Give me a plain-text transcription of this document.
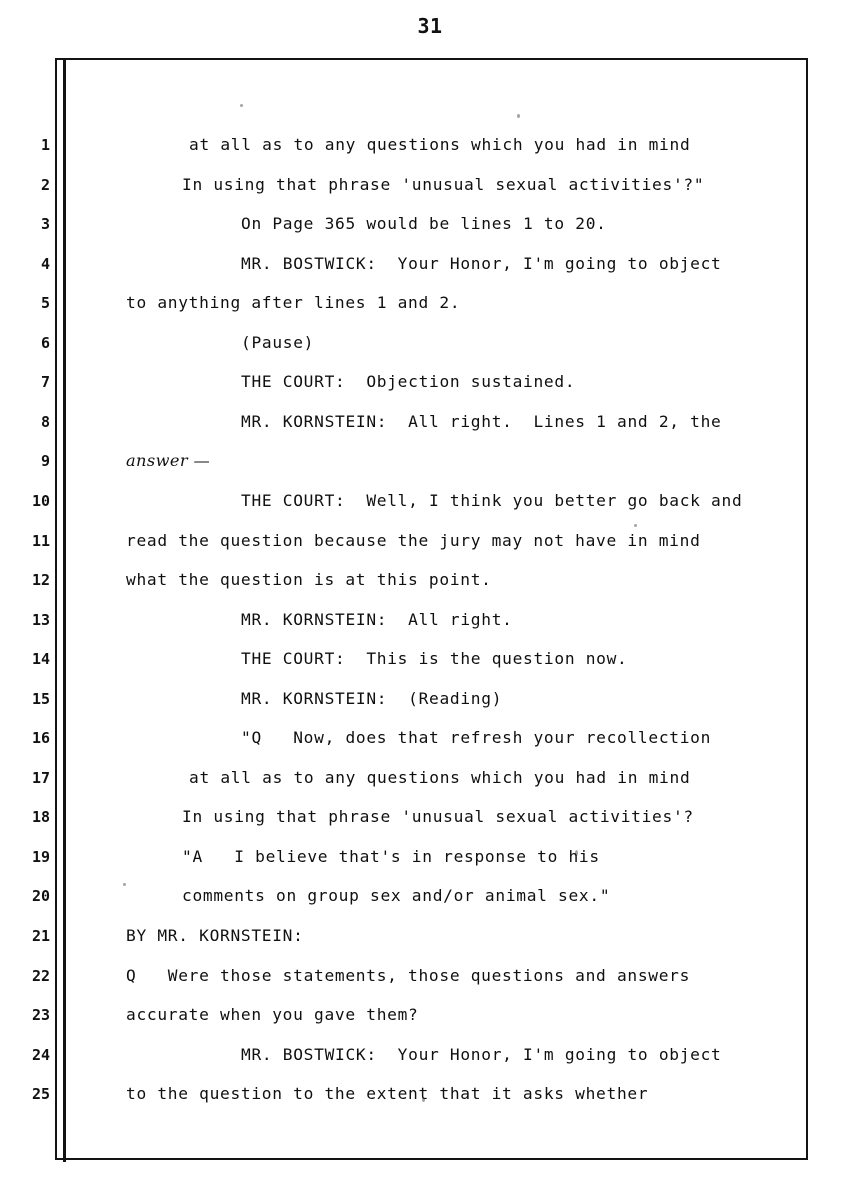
31
1	at all as to any questions which you had in mind
2	In using that phrase 'unusual sexual activities'?"
3	On Page 365 would be lines 1 to 20.
4	MR. BOSTWICK:  Your Honor, I'm going to object
5	to anything after lines 1 and 2.
6	(Pause)
7	THE COURT:  Objection sustained.
8	MR. KORNSTEIN:  All right.  Lines 1 and 2, the
9	answer —
10	THE COURT:  Well, I think you better go back and
11	read the question because the jury may not have in mind
12	what the question is at this point.
13	MR. KORNSTEIN:  All right.
14	THE COURT:  This is the question now.
15	MR. KORNSTEIN:  (Reading)
16	"Q   Now, does that refresh your recollection
17	at all as to any questions which you had in mind
18	In using that phrase 'unusual sexual activities'?
19	"A   I believe that's in response to his
20	comments on group sex and/or animal sex."
21	BY MR. KORNSTEIN:
22	Q   Were those statements, those questions and answers
23	accurate when you gave them?
24	MR. BOSTWICK:  Your Honor, I'm going to object
25	to the question to the extent that it asks whether
